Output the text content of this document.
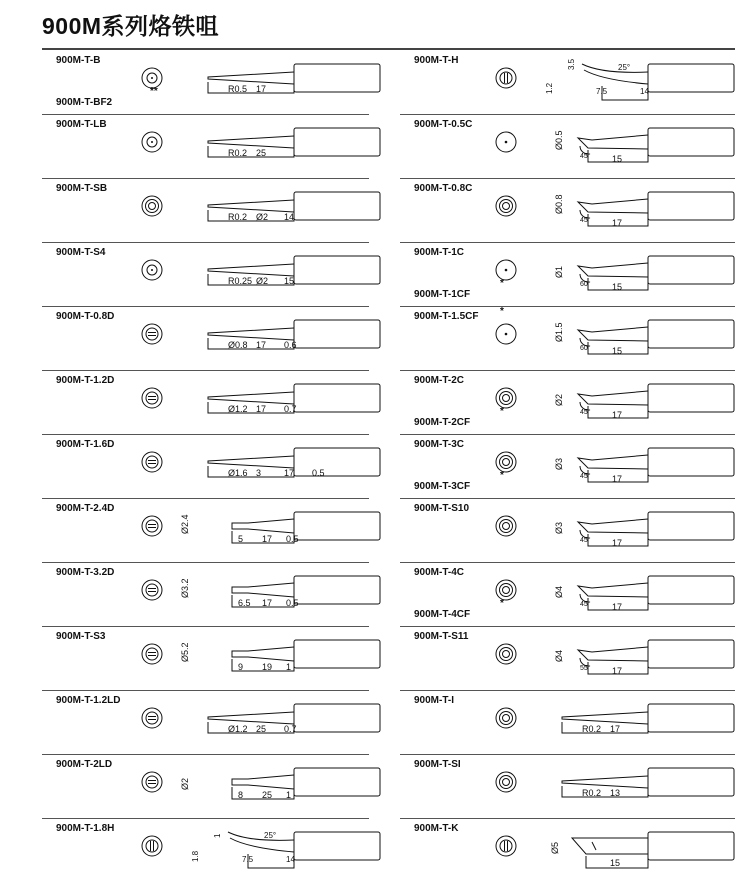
900M系列烙铁咀
900M-T-B
900M-T-BF2
**	R0.5 17
900M-T-LB
R0.2 25
900M-T-SB
R0.2 Ø2 14
900M-T-S4
R0.25 Ø2 15
900M-T-0.8D
Ø0.8 17 0.6
900M-T-1.2D
Ø1.2 17 0.7
900M-T-1.6D
Ø1.6 3	17 0.5
900M-T-2.4D
Ø2.4
5 17 0.5
900M-T-3.2D
Ø3.2
6.5 17 0.5
900M-T-S3
Ø5.2
9 19 1
900M-T-1.2LD
Ø1.2 25 0.7
900M-T-2LD
Ø2
8 25 1
900M-T-1.8H
1.8
1
7.5
25°
14
900M-T-H
1.2
3.5
7.5
25°
14
900M-T-0.5C
Ø0.5
45° 15
900M-T-0.8C
Ø0.8
45° 17
900M-T-1C
900M-T-1CF
*
Ø1
60° 15
900M-T-1.5CF *
Ø1.5
60° 15
900M-T-2C
900M-T-2CF
*
Ø2
45° 17
900M-T-3C
900M-T-3CF
*
Ø3
45° 17
900M-T-S10
Ø3
45° 17
900M-T-4C
900M-T-4CF
*
Ø4
45° 17
900M-T-S11
Ø4
55° 17
900M-T-I
R0.2 17
900M-T-SI
R0.2 13
900M-T-K
Ø5
15
